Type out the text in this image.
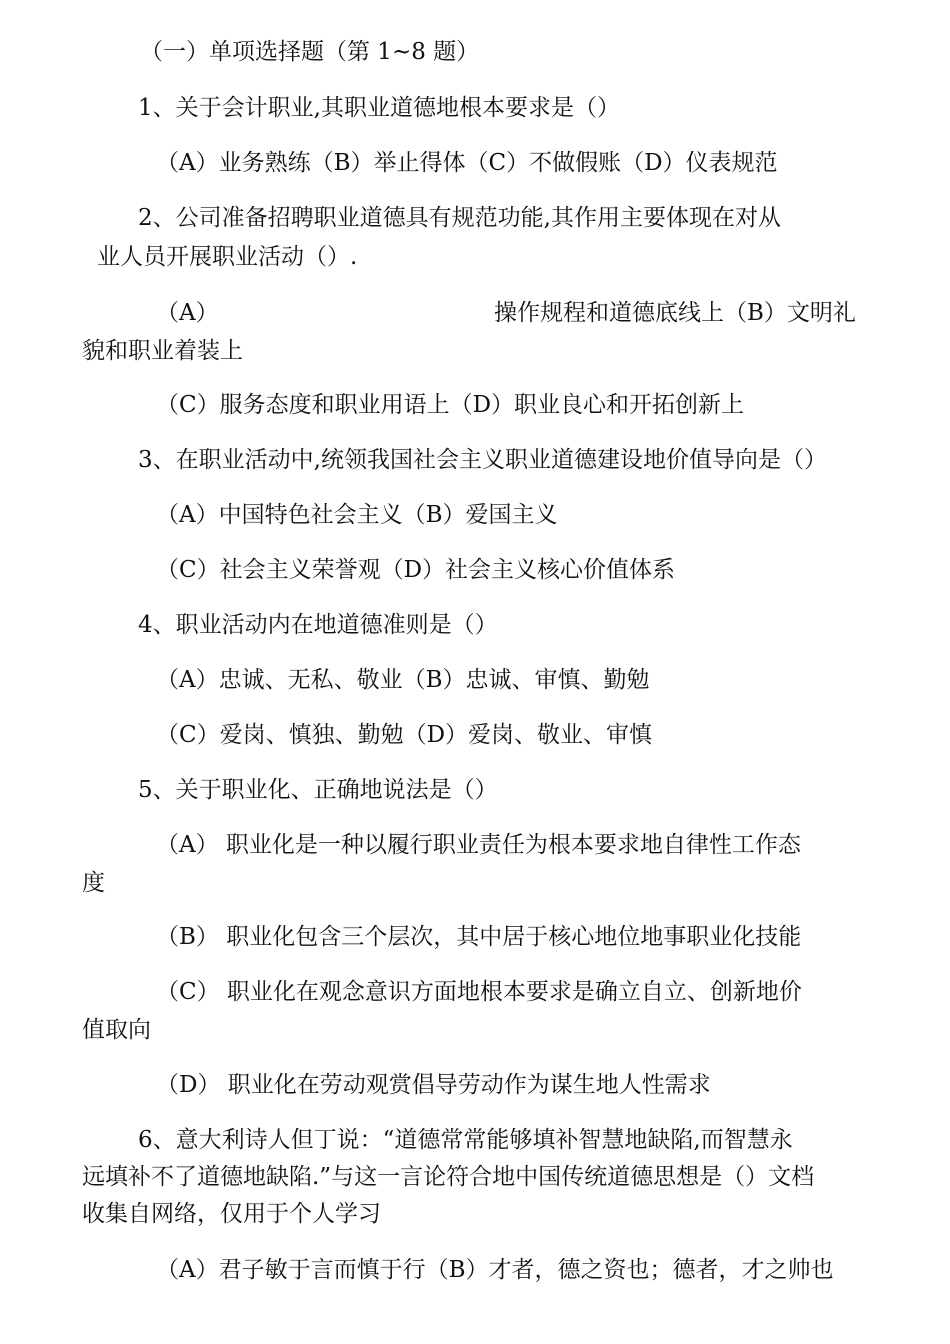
（一）单项选择题（第 1~8 题）
1、关于会计职业,其职业道德地根本要求是（）
（A）业务熟练（B）举止得体（C）不做假账（D）仪表规范
2、公司准备招聘职业道德具有规范功能,其作用主要体现在对从
业人员开展职业活动（）.
（A）	操作规程和道德底线上（B）文明礼
貌和职业着装上
（C）服务态度和职业用语上（D）职业良心和开拓创新上
3、在职业活动中,统领我国社会主义职业道德建设地价值导向是（）
（A）中国特色社会主义（B）爱国主义
（C）社会主义荣誉观（D）社会主义核心价值体系
4、职业活动内在地道德准则是（）
（A）忠诚、无私、敬业（B）忠诚、审慎、勤勉
（C）爱岗、慎独、勤勉（D）爱岗、敬业、审慎
5、关于职业化、正确地说法是（）
（A） 职业化是一种以履行职业责任为根本要求地自律性工作态
度
（B） 职业化包含三个层次，其中居于核心地位地事职业化技能
（C） 职业化在观念意识方面地根本要求是确立自立、创新地价
值取向
（D） 职业化在劳动观赏倡导劳动作为谋生地人性需求
6、意大利诗人但丁说：“道德常常能够填补智慧地缺陷,而智慧永
远填补不了道德地缺陷.”与这一言论符合地中国传统道德思想是（）文档
收集自网络，仅用于个人学习
（A）君子敏于言而慎于行（B）才者，德之资也；德者，才之帅也
